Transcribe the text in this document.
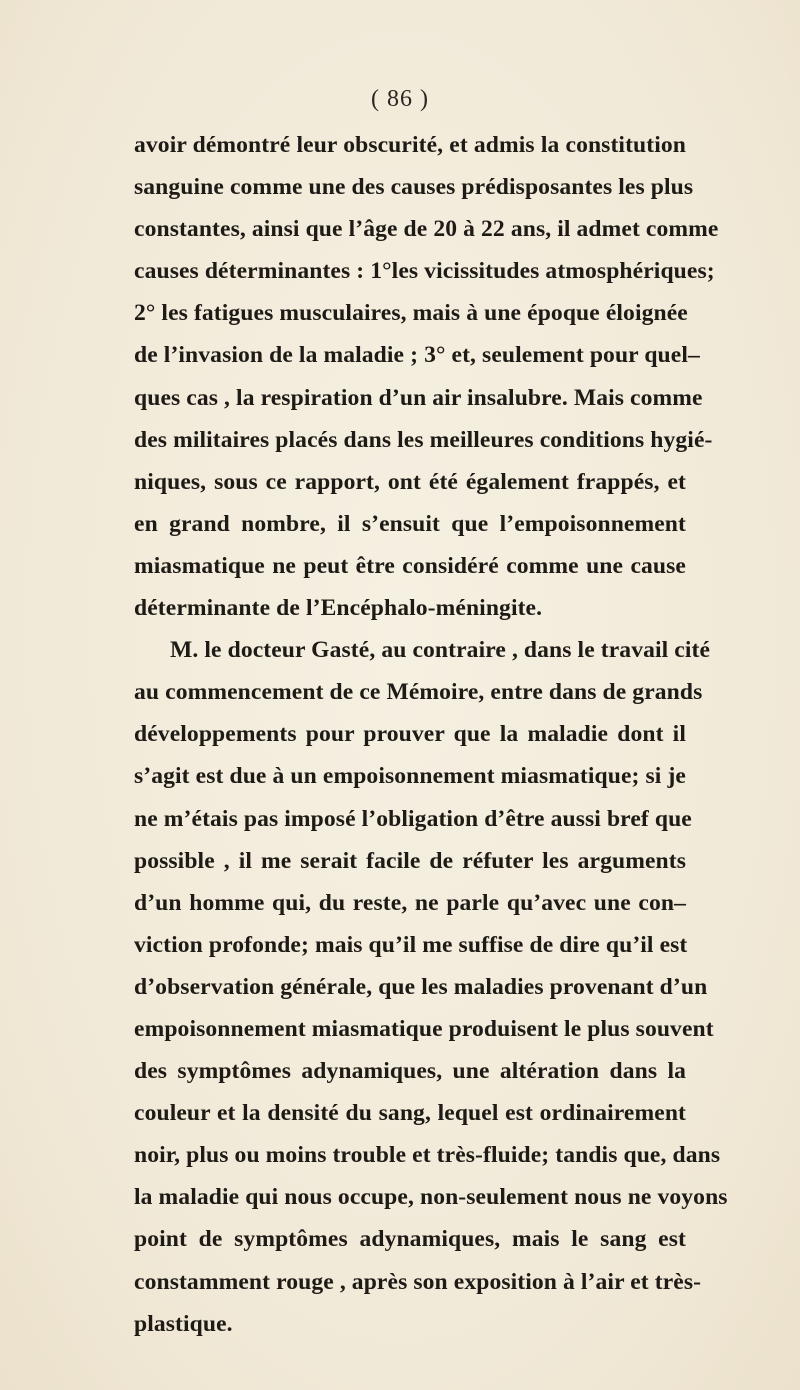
( 86 )
avoir démontré leur obscurité, et admis la constitution
sanguine comme une des causes prédisposantes les plus
constantes, ainsi que l’âge de 20 à 22 ans, il admet comme
causes déterminantes : 1°les vicissitudes atmosphériques;
2° les fatigues musculaires, mais à une époque éloignée
de l’invasion de la maladie ; 3° et, seulement pour quel–
ques cas , la respiration d’un air insalubre. Mais comme
des militaires placés dans les meilleures conditions hygié-
niques, sous ce rapport, ont été également frappés, et
en grand nombre, il s’ensuit que l’empoisonnement
miasmatique ne peut être considéré comme une cause
déterminante de l’Encéphalo-méningite.
M. le docteur Gasté, au contraire , dans le travail cité
au commencement de ce Mémoire, entre dans de grands
développements pour prouver que la maladie dont il
s’agit est due à un empoisonnement miasmatique; si je
ne m’étais pas imposé l’obligation d’être aussi bref que
possible , il me serait facile de réfuter les arguments
d’un homme qui, du reste, ne parle qu’avec une con–
viction profonde; mais qu’il me suffise de dire qu’il est
d’observation générale, que les maladies provenant d’un
empoisonnement miasmatique produisent le plus souvent
des symptômes adynamiques, une altération dans la
couleur et la densité du sang, lequel est ordinairement
noir, plus ou moins trouble et très-fluide; tandis que, dans
la maladie qui nous occupe, non-seulement nous ne voyons
point de symptômes adynamiques, mais le sang est
constamment rouge , après son exposition à l’air et très-
plastique.
